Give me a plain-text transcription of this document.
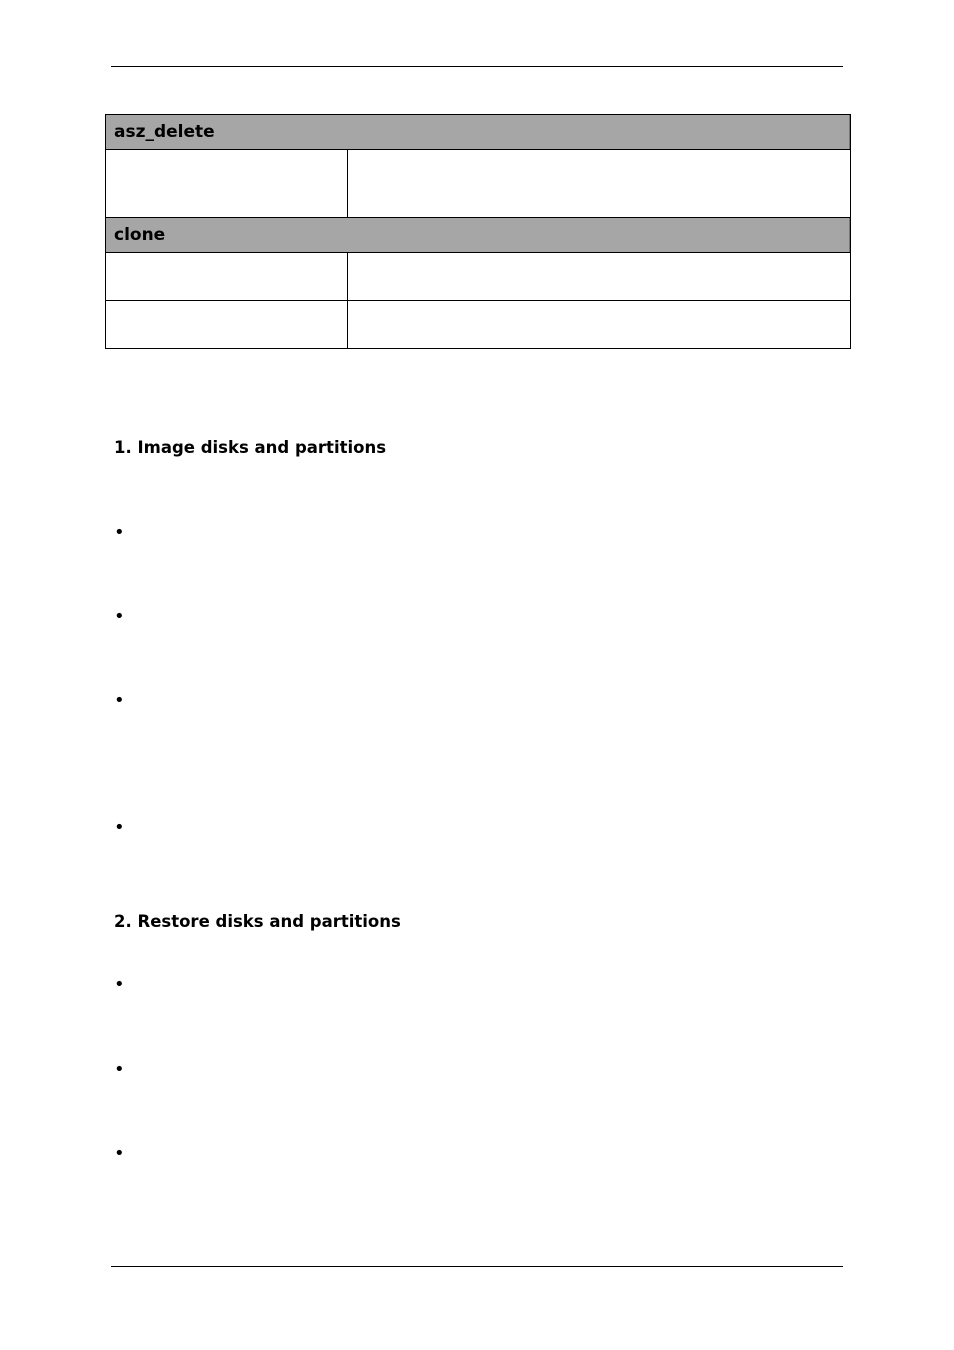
asz_delete	

clone	

1. Image disks and partitions
•
•
•
•
2. Restore disks and partitions
•
•
•
